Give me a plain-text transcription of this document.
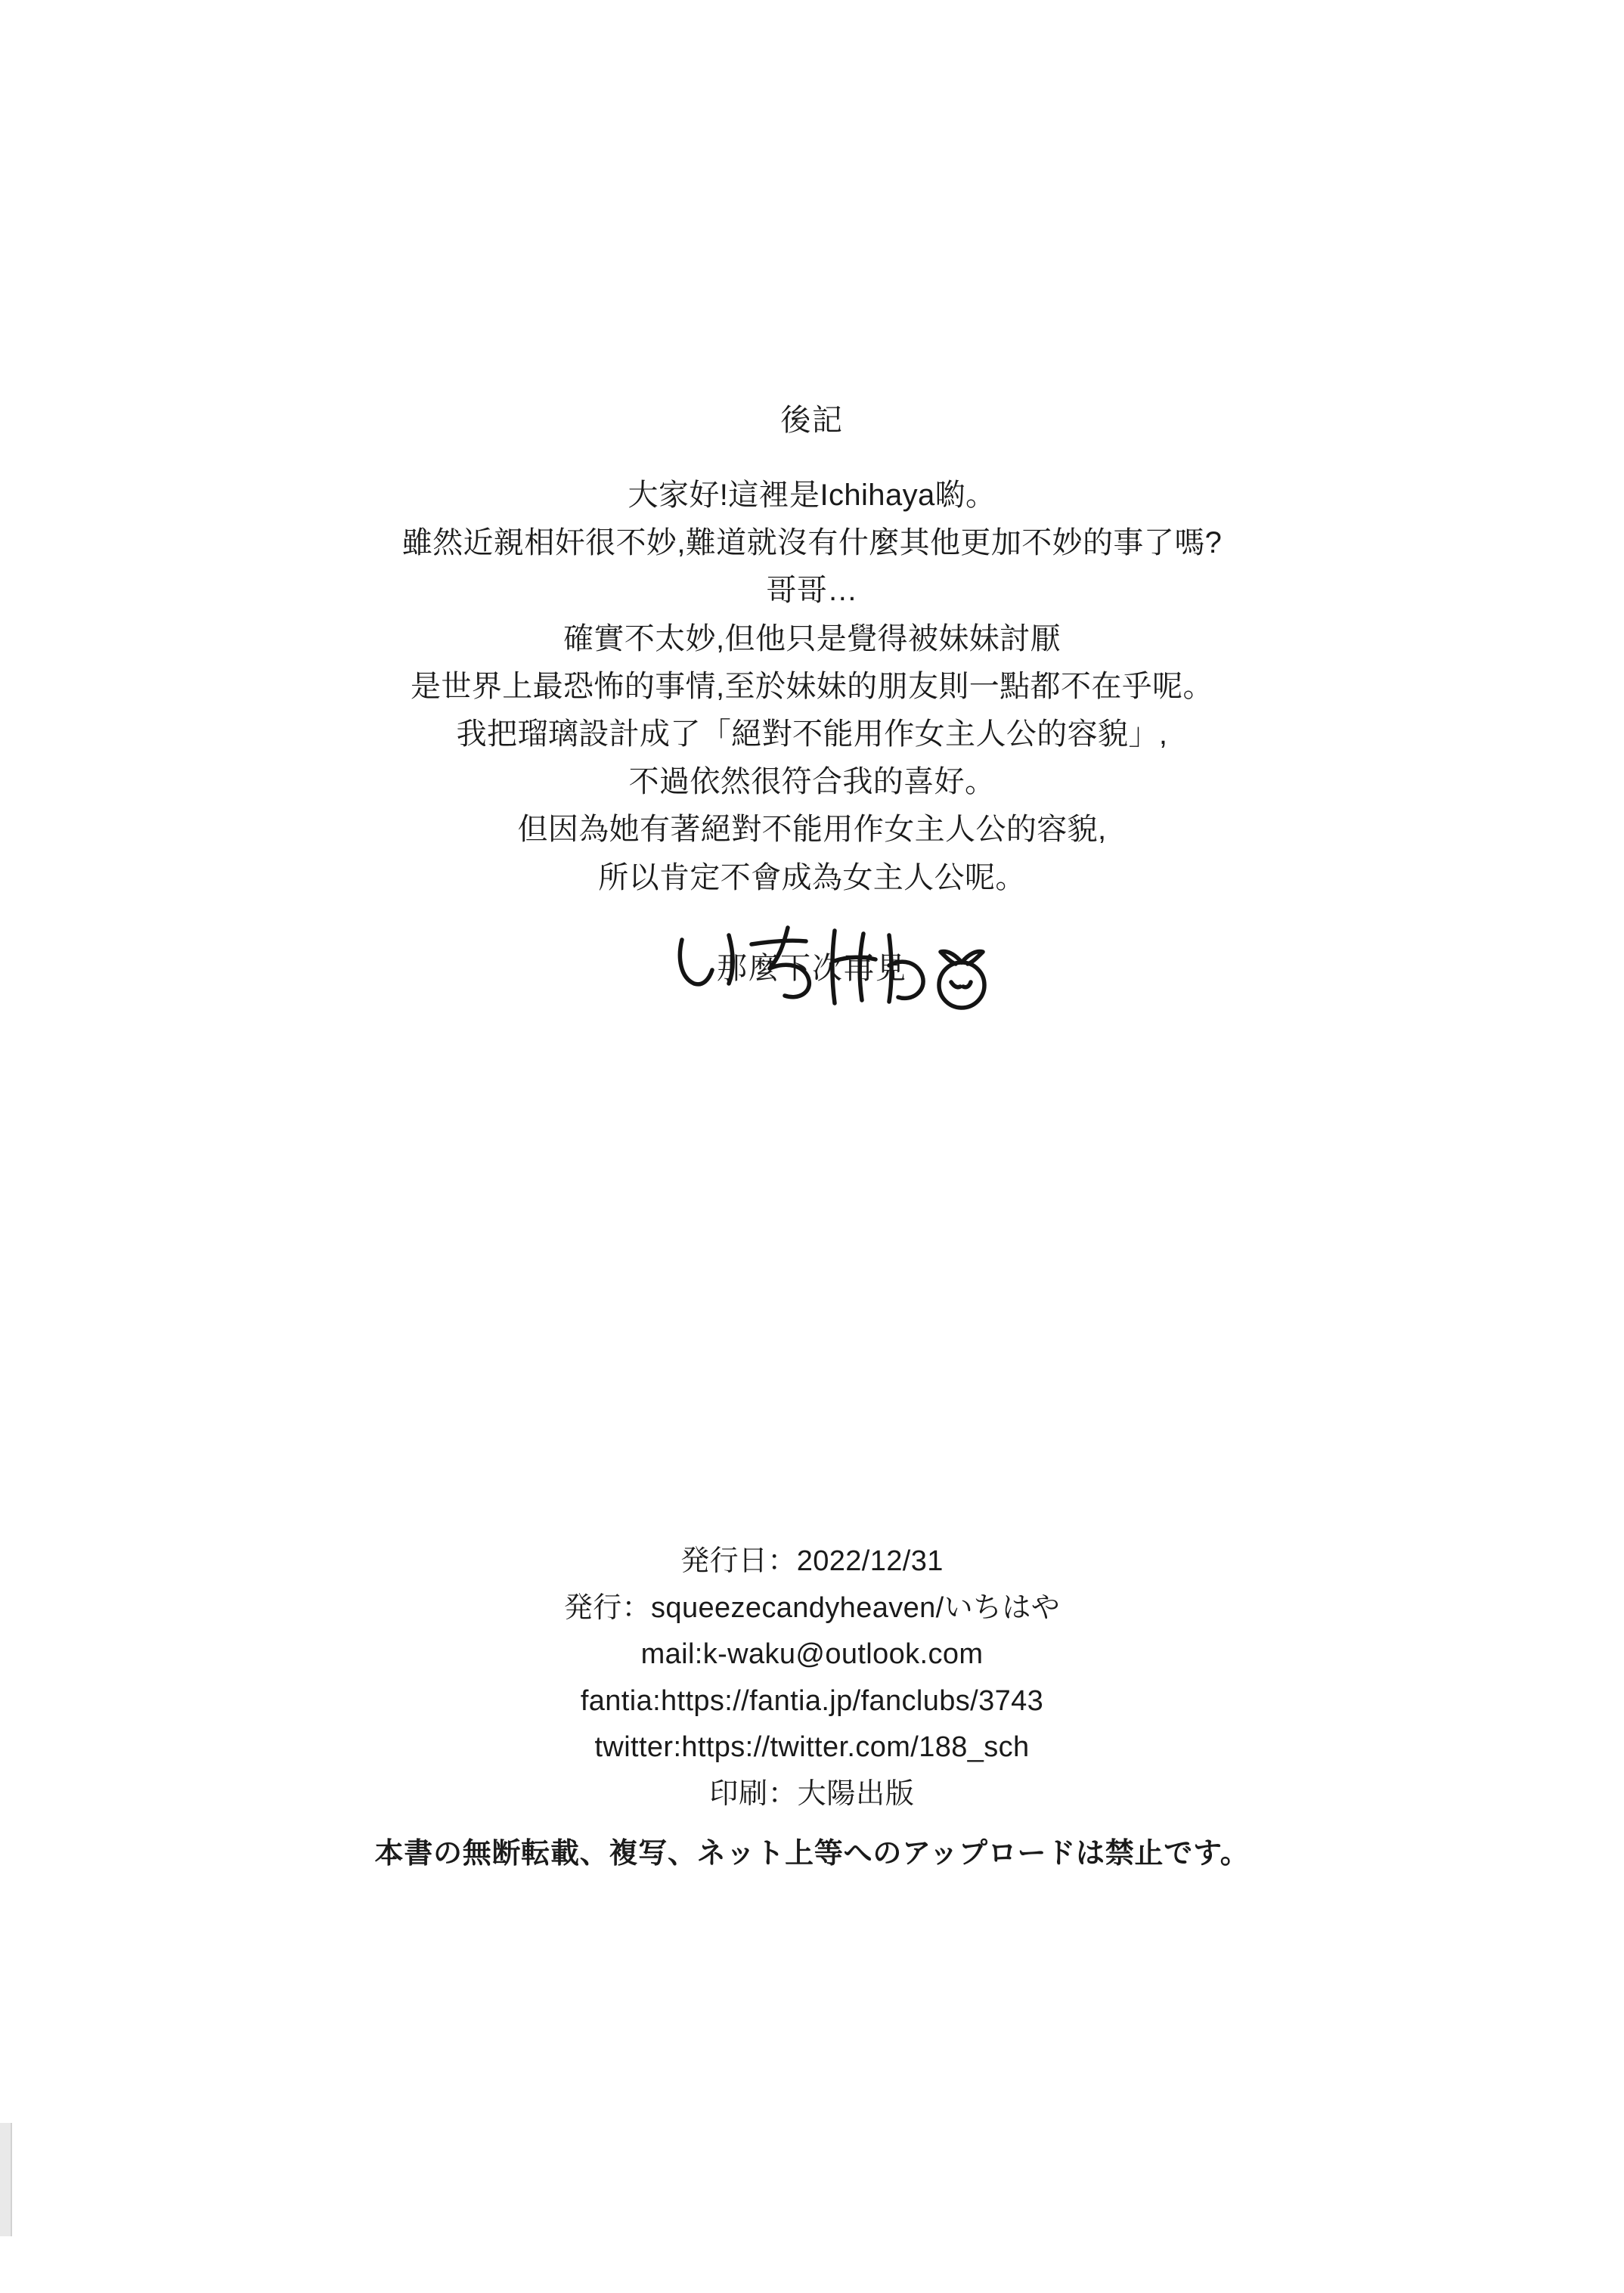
後記
大家好!這裡是Ichihaya喲。
雖然近親相奸很不妙,難道就沒有什麼其他更加不妙的事了嗎?
哥哥…
確實不太妙,但他只是覺得被妹妹討厭
是世界上最恐怖的事情,至於妹妹的朋友則一點都不在乎呢。
我把瑠璃設計成了「絕對不能用作女主人公的容貌」,
不過依然很符合我的喜好。
但因為她有著絕對不能用作女主人公的容貌,
所以肯定不會成為女主人公呢。
那麼下次再見
発行日：2022/12/31
発行：squeezecandyheaven/いちはや
mail:k-waku@outlook.com
fantia:https://fantia.jp/fanclubs/3743
twitter:https://twitter.com/188_sch
印刷：大陽出版
本書の無断転載、複写、ネット上等へのアップロードは禁止です。
